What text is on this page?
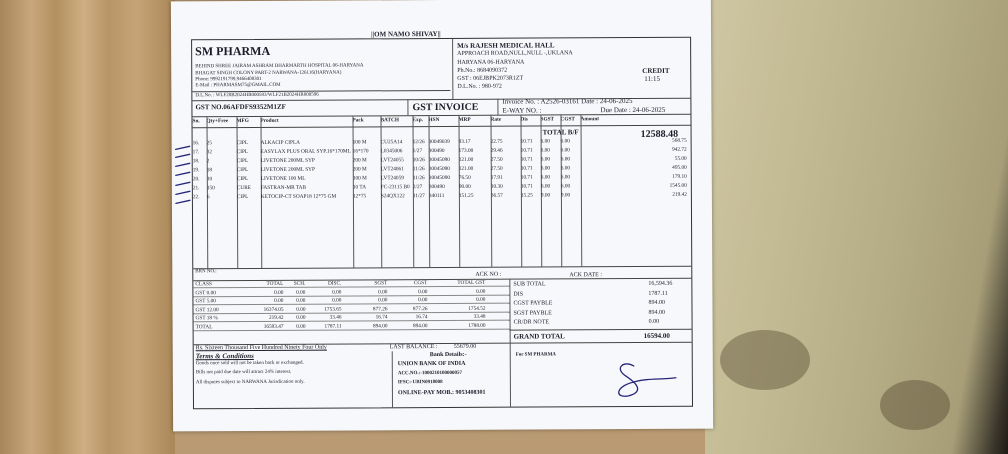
||OM NAMO SHIVAY||
SM PHARMA
BEHIND SHREE JAIRAM ASHRAM DHARMARTH HOSPITAL 06-HARYANA
BHAGAT SINGH COLONY PART-2 NARWANA-126116(HARYANA)
Phone: 9992191799,9466408301
E-Mail : PHARMASM75@GMAIL.COM
D.L.No. : WLF20B2024HR000593/WLF21B2024HR000596
GST NO.06AFDFS9352M1ZF
M/s RAJESH MEDICAL HALL
APPROACH ROAD,NULL,NULL -,UKLANA
HARYANA 06-HARYANA
Ph.No.: 8684090372
GST : 06EJBPK2073R1ZT
D.L.No. : 980-972
CREDIT
11:15
GST INVOICE
Invoice No. : A2526-03161 Date : 24-06-2025
E-WAY NO. :	Due Date : 24-06-2025
Sn.	Qty+Free	MFG	Product	Pack	BATCH	Exp.	HSN	MRP	Rate	Dis	SGST	CGST	Amount
TOTAL B/F	12588.48
16.	25	CIPL	ALKACIP CIPLA	100 M	CU25A14	12/26 30049039	93.17	22.75	10.71	6.00	6.00	568.75
17.	32	CIPL	EASYLAX PLUS ORAL SYP.16*170ML 16*170	L0345006	1/27	300490	173.00	29.46	10.71	6.00	6.00	942.72
18.	2	CIPL	LIVETONE 200ML SYP	200 M	LVT24055	10/26 30045090	121.00	27.50	10.71	6.00	6.00	55.00
19.	18	CIPL	LIVETONE 200ML SYP	200 M	LVT24061	11/26 30045090	121.00	27.50	10.71	6.00	6.00	495.00
20.	10	CIPL	LIVETONE 100 ML	100 M	LVT24059	11/26 30045090	76.50	17.91	10.71	6.00	6.00	179.10
21.	150	CURE	FASTRAN-MR TAB	10 TA	FC-23115 B0 2/27	300490	90.00	10.30	10.71	6.00	6.00	1545.00
22.	6	CIPL	KETOCIP-CT SOAP18 12*75 GM	12*75	S24QX122	11/27 340111	151.25	36.57	15.25	9.00	9.00	219.42
BRN NO.:	ACK NO :	ACK DATE :
CLASS	TOTAL	SCH.	DISC.	SGST	CGST	TOTAL GST
GST 0.00	0.00	0.00	0.00	0.00	0.00	0.00
GST 5.00	0.00	0.00	0.00	0.00	0.00	0.00
GST 12.00	16374.05	0.00	1753.65	877.26	877.26	1754.52
GST 18 %	219.42	0.00	33.46	16.74	16.74	33.48
TOTAL	16593.47	0.00	1787.11	894.00	894.00	1788.00
SUB TOTAL	16,594.36
DIS	1787.11
CGST PAYBLE	894.00
SGST PAYBLE	894.00
CR/DR NOTE	0.00
GRAND TOTAL	16594.00
Rs. Sixteen Thousand Five Hundred Ninety Four Only	LAST BALANCE :	55679.00
Terms & Conditions
Goods once sold will not be taken back or exchanged.
Bills not paid due date will attract 24% interest.
All disputes subject to NARWANA Jurisdication only.
Bank Details:-
UNION BANK OF INDIA
ACC.NO.:-1000210100000057
IFSC:-UBIN0918008
ONLINE-PAY MOB.: 9053408301
For SM PHARMA
